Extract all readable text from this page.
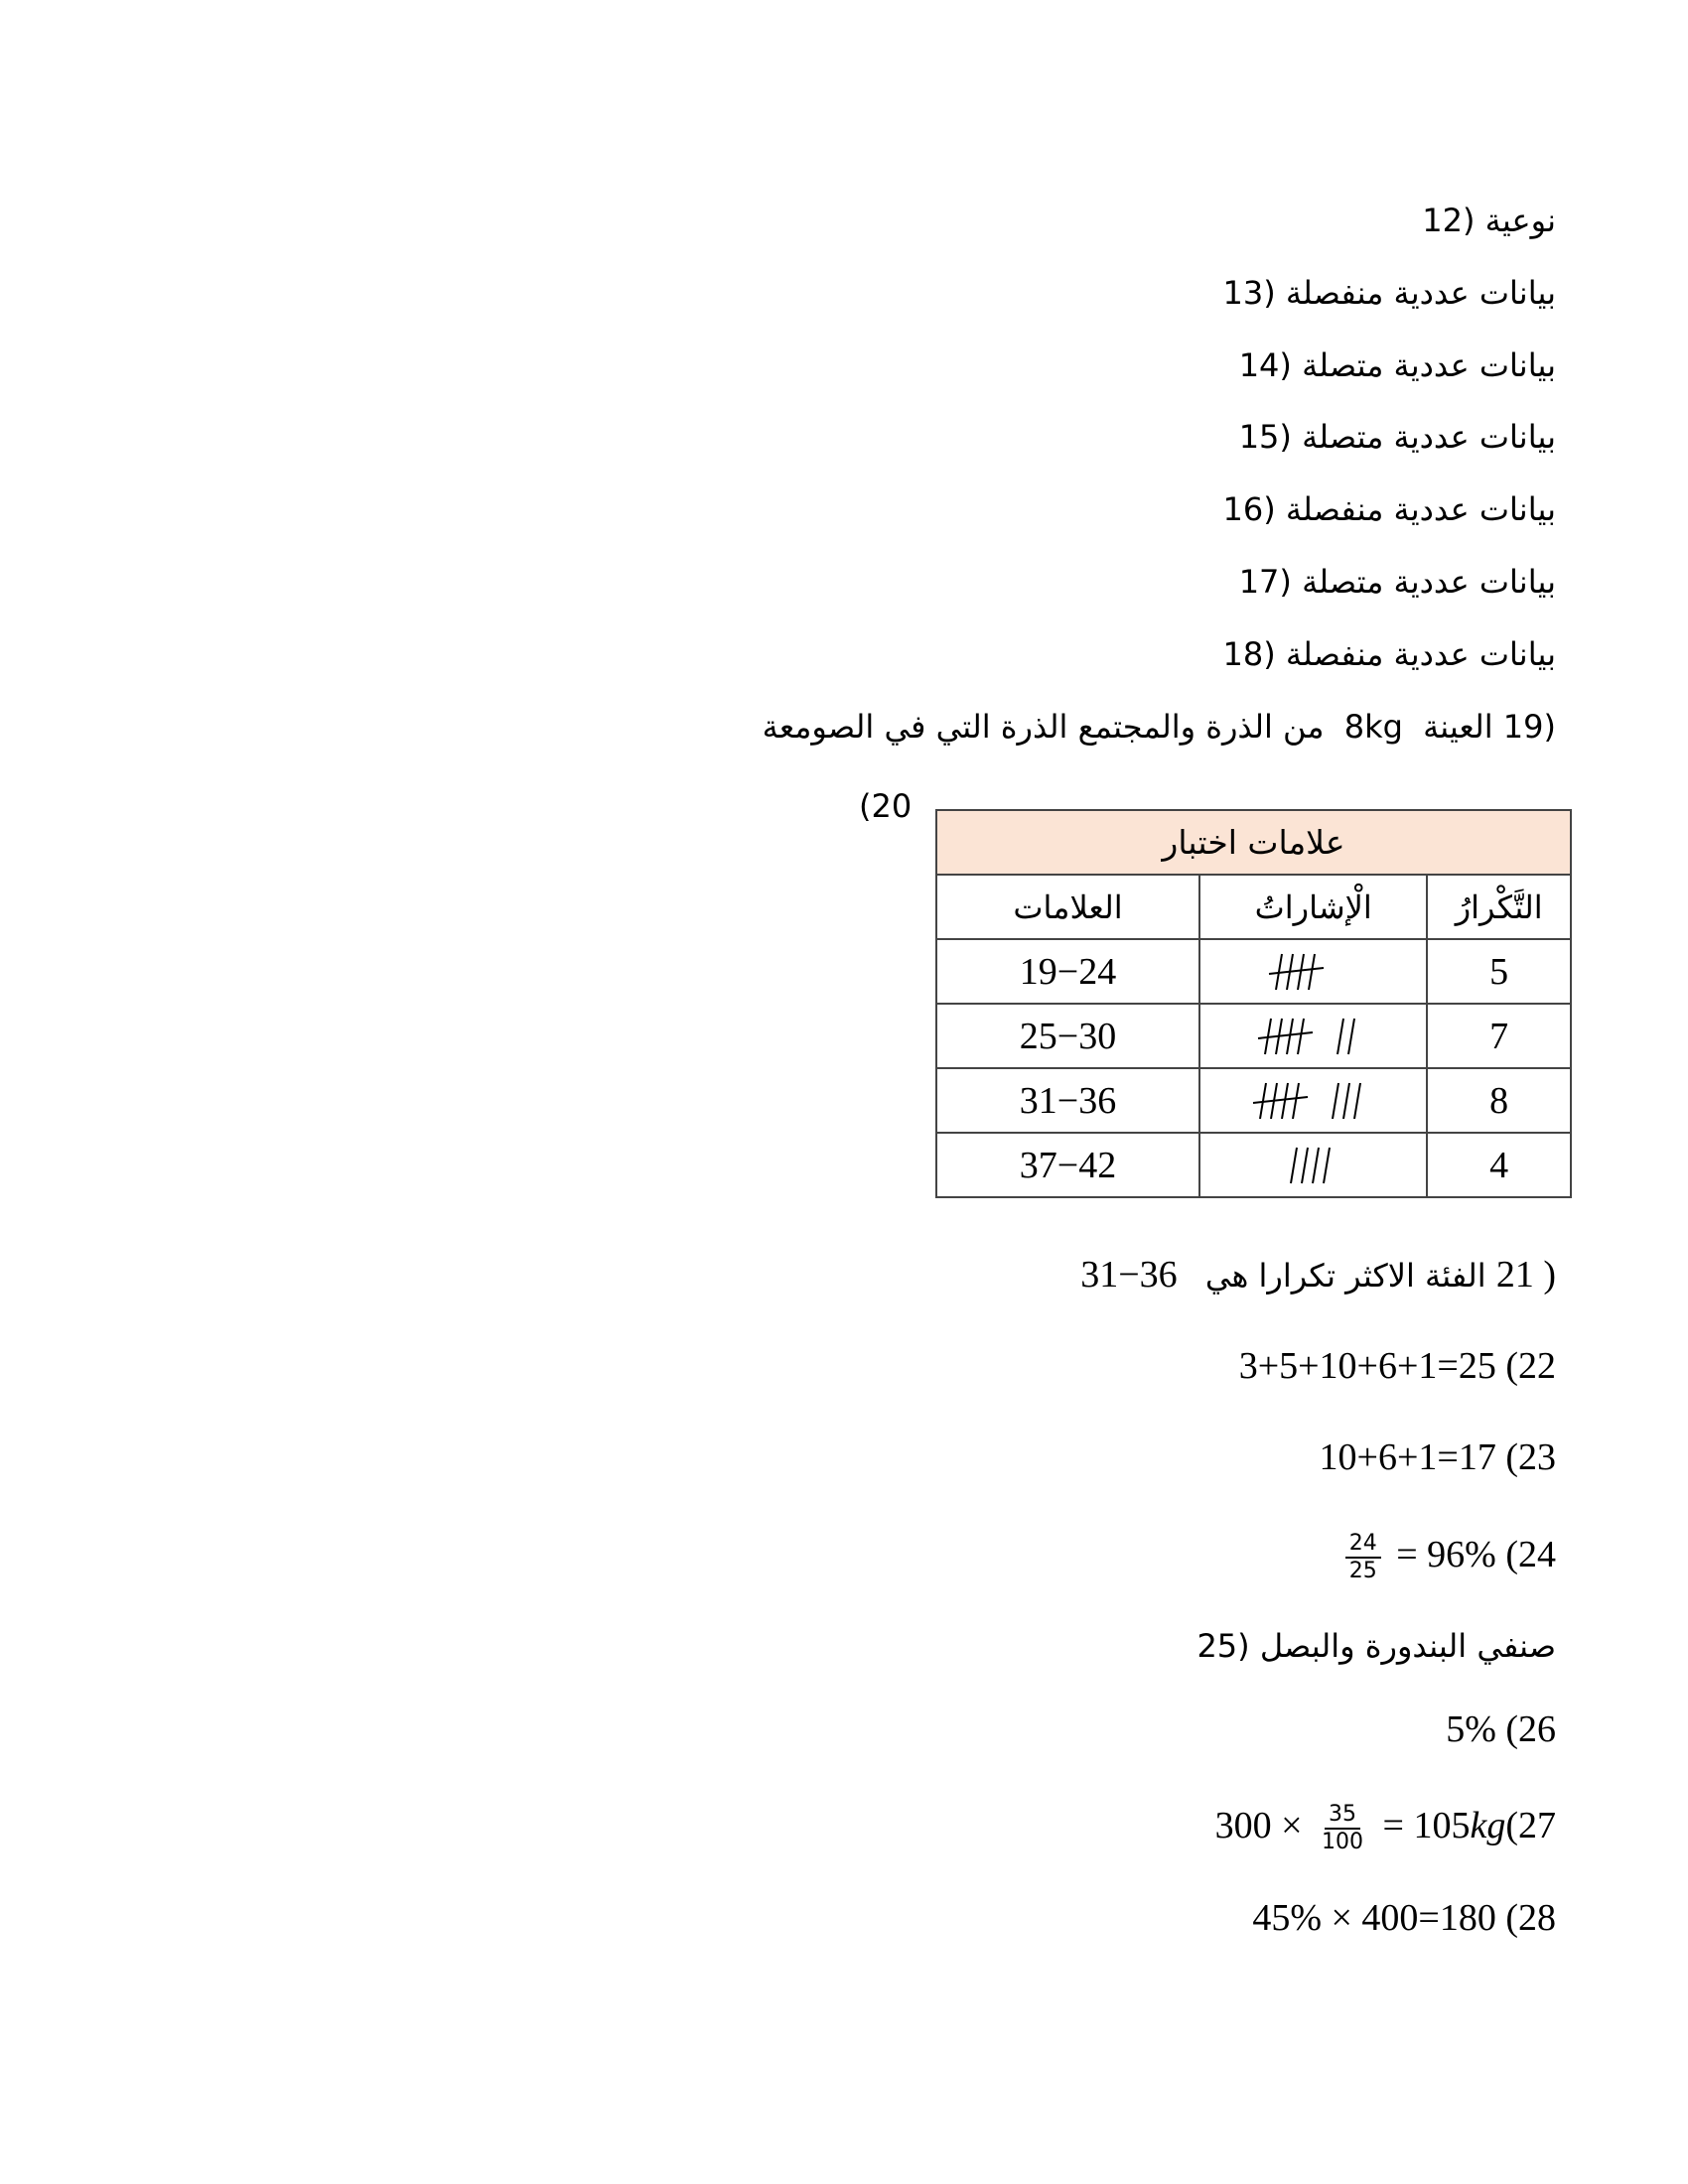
12) نوعية
13) بيانات عددية منفصلة
14) بيانات عددية متصلة
15) بيانات عددية متصلة
16) بيانات عددية منفصلة
17) بيانات عددية متصلة
18) بيانات عددية منفصلة
من الذرة والمجتمع الذرة التي في الصومعة 8kg العينة 19)
(20
علامات اختبار		
التَّكْرارُ	الْإشاراتُ	العلامات
5		19−24
7		25−30
8		31−36
4		37−42
31−36 الفئة الاكثر تكرارا هي 21 )
3+5+10+6+1=25 (22
10+6+1=17 (23
$\frac{24}{25} = 96\%$ (24
25) صنفي البندورة والبصل
5% (26
$300 \times \frac{35}{100} = 105kg(27$
45% × 400=180 (28
